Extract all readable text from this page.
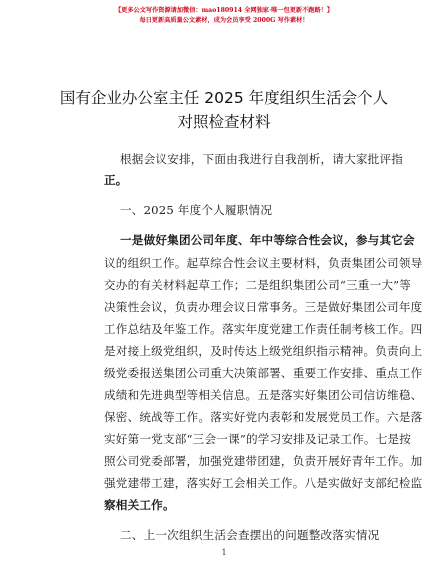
【更多公文写作资源请加微信：mao180914 全网独家·唯一包更新不跑路！】
每日更新高质量公文素材，成为会员享受 2000G 写作素材！
国有企业办公室主任 2025 年度组织生活会个人
对照检查材料
根据会议安排，下面由我进行自我剖析，请大家批评指
正。
一、2025 年度个人履职情况
一是做好集团公司年度、年中等综合性会议，参与其它会
议的组织工作。起草综合性会议主要材料，负责集团公司领导
交办的有关材料起草工作；二是组织集团公司“三重一大”等
决策性会议，负责办理会议日常事务。三是做好集团公司年度
工作总结及年鉴工作。落实年度党建工作责任制考核工作。四
是对接上级党组织，及时传达上级党组织指示精神。负责向上
级党委报送集团公司重大决策部署、重要工作安排、重点工作
成绩和先进典型等相关信息。五是落实好集团公司信访维稳、
保密、统战等工作。落实好党内表彰和发展党员工作。六是落
实好第一党支部“三会一课”的学习安排及记录工作。七是按
照公司党委部署，加强党建带团建，负责开展好青年工作。加
强党建带工建，落实好工会相关工作。八是实做好支部纪检监
察相关工作。
二、上一次组织生活会查摆出的问题整改落实情况
1
